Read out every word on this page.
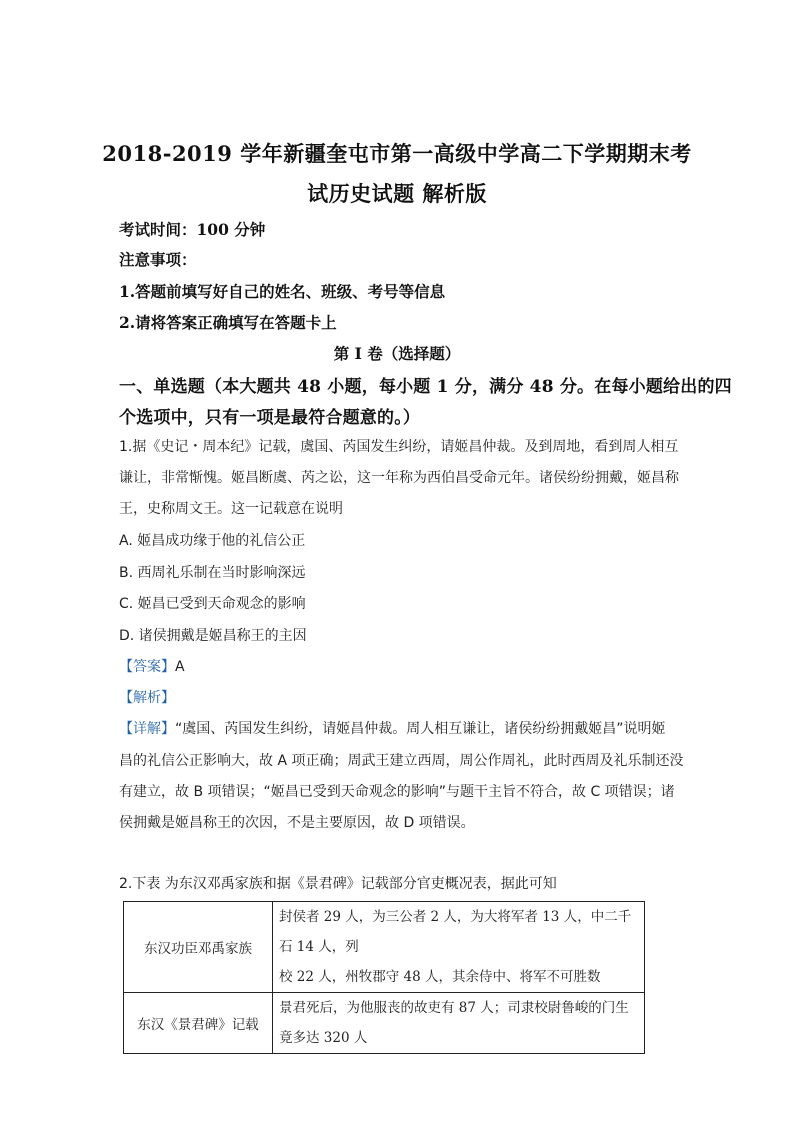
2018-2019 学年新疆奎屯市第一高级中学高二下学期期末考
试历史试题 解析版
考试时间：100 分钟
注意事项：
1.答题前填写好自己的姓名、班级、考号等信息
2.请将答案正确填写在答题卡上
第 I 卷（选择题）
一、单选题（本大题共 48 小题，每小题 1 分，满分 48 分。在每小题给出的四
个选项中，只有一项是最符合题意的。）
1.据《史记・周本纪》记载，虞国、芮国发生纠纷，请姬昌仲裁。及到周地，看到周人相互
谦让，非常惭愧。姬昌断虞、芮之讼，这一年称为西伯昌受命元年。诸侯纷纷拥戴，姬昌称
王，史称周文王。这一记载意在说明
A. 姬昌成功缘于他的礼信公正
B. 西周礼乐制在当时影响深远
C. 姬昌已受到天命观念的影响
D. 诸侯拥戴是姬昌称王的主因
【答案】A
【解析】
【详解】“虞国、芮国发生纠纷，请姬昌仲裁。周人相互谦让，诸侯纷纷拥戴姬昌”说明姬
昌的礼信公正影响大，故 A 项正确；周武王建立西周，周公作周礼，此时西周及礼乐制还没
有建立，故 B 项错误；“姬昌已受到天命观念的影响”与题干主旨不符合，故 C 项错误；诸
侯拥戴是姬昌称王的次因，不是主要原因，故 D 项错误。
2.下表 为东汉邓禹家族和据《景君碑》记载部分官吏概况表，据此可知
东汉功臣邓禹家族	封侯者 29 人，为三公者 2 人，为大将军者 13 人，中二千石 14 人，列
校 22 人，州牧郡守 48 人，其余侍中、将军不可胜数

东汉《景君碑》记载	景君死后，为他服丧的故吏有 87 人；司隶校尉鲁峻的门生竟多达 320 人
